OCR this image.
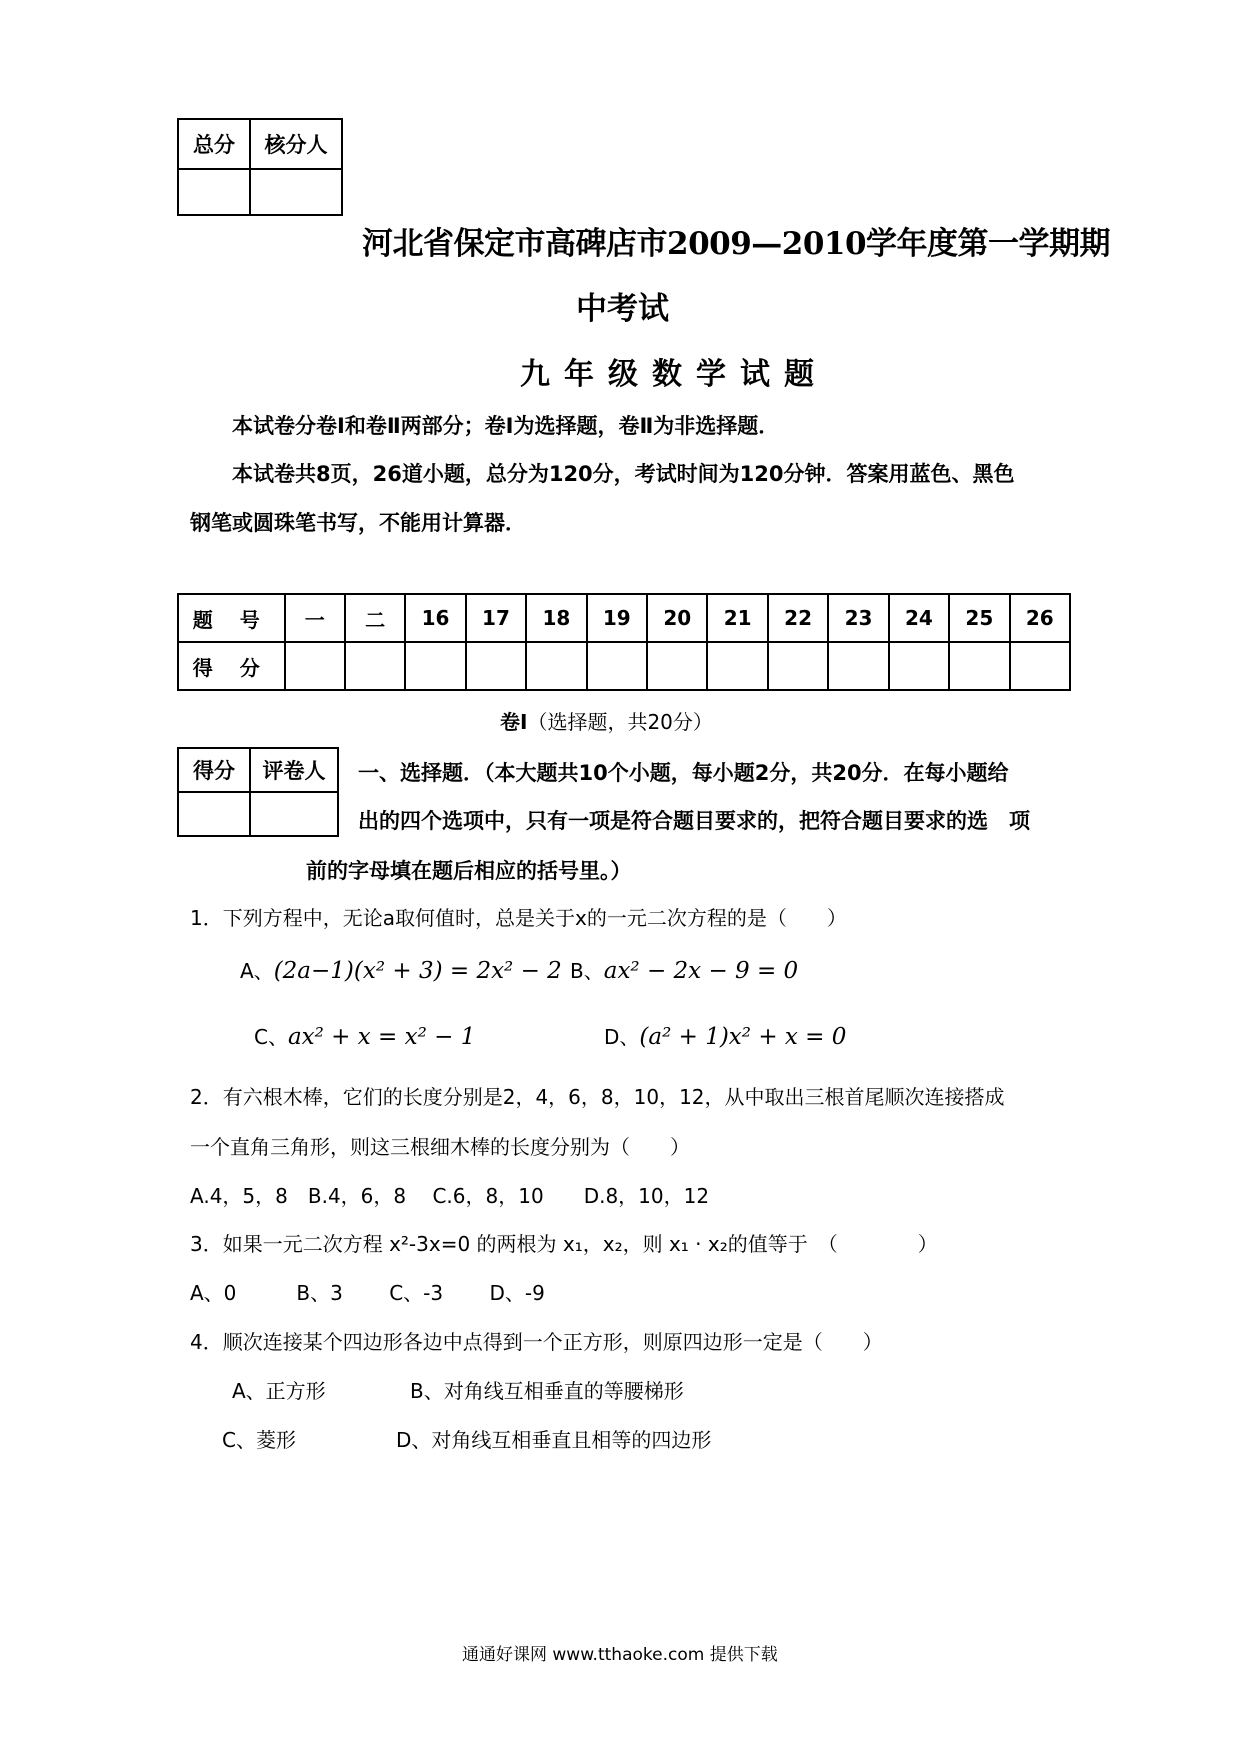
总分	核分人

河北省保定市高碑店市2009—2010学年度第一学期期
中考试
九年级数学试题
本试卷分卷Ⅰ和卷Ⅱ两部分；卷Ⅰ为选择题，卷Ⅱ为非选择题．
本试卷共8页，26道小题，总分为120分，考试时间为120分钟．答案用蓝色、黑色
钢笔或圆珠笔书写，不能用计算器．
题 号	一	二	16	17	18	19	20	21	22	23	24	25	26
得 分													
卷Ⅰ（选择题，共20分）
得分	评卷人
	一、选择题．（本大题共10个小题，每小题2分，共20分．在每小题给
出的四个选项中，只有一项是符合题目要求的，把符合题目要求的选　项
前的字母填在题后相应的括号里。）
1．下列方程中，无论a取何值时，总是关于x的一元二次方程的是（　　）
A、(2a−1)(x² + 3) = 2x² − 2 B、ax² − 2x − 9 = 0
C、ax² + x = x² − 1	D、(a² + 1)x² + x = 0
2．有六根木棒，它们的长度分别是2，4，6，8，10，12，从中取出三根首尾顺次连接搭成
一个直角三角形，则这三根细木棒的长度分别为（　　）
A.4，5，8　B.4，6，8　 C.6，8，10　　D.8，10，12
3．如果一元二次方程 x²-3x=0 的两根为 x₁，x₂，则 x₁ · x₂的值等于　（　　　　）
A、0　　　B、3　　 C、-3　　 D、-9
4．顺次连接某个四边形各边中点得到一个正方形，则原四边形一定是（　　）
A、正方形	B、对角线互相垂直的等腰梯形
C、菱形	D、对角线互相垂直且相等的四边形
通通好课网 www.tthaoke.com 提供下载
